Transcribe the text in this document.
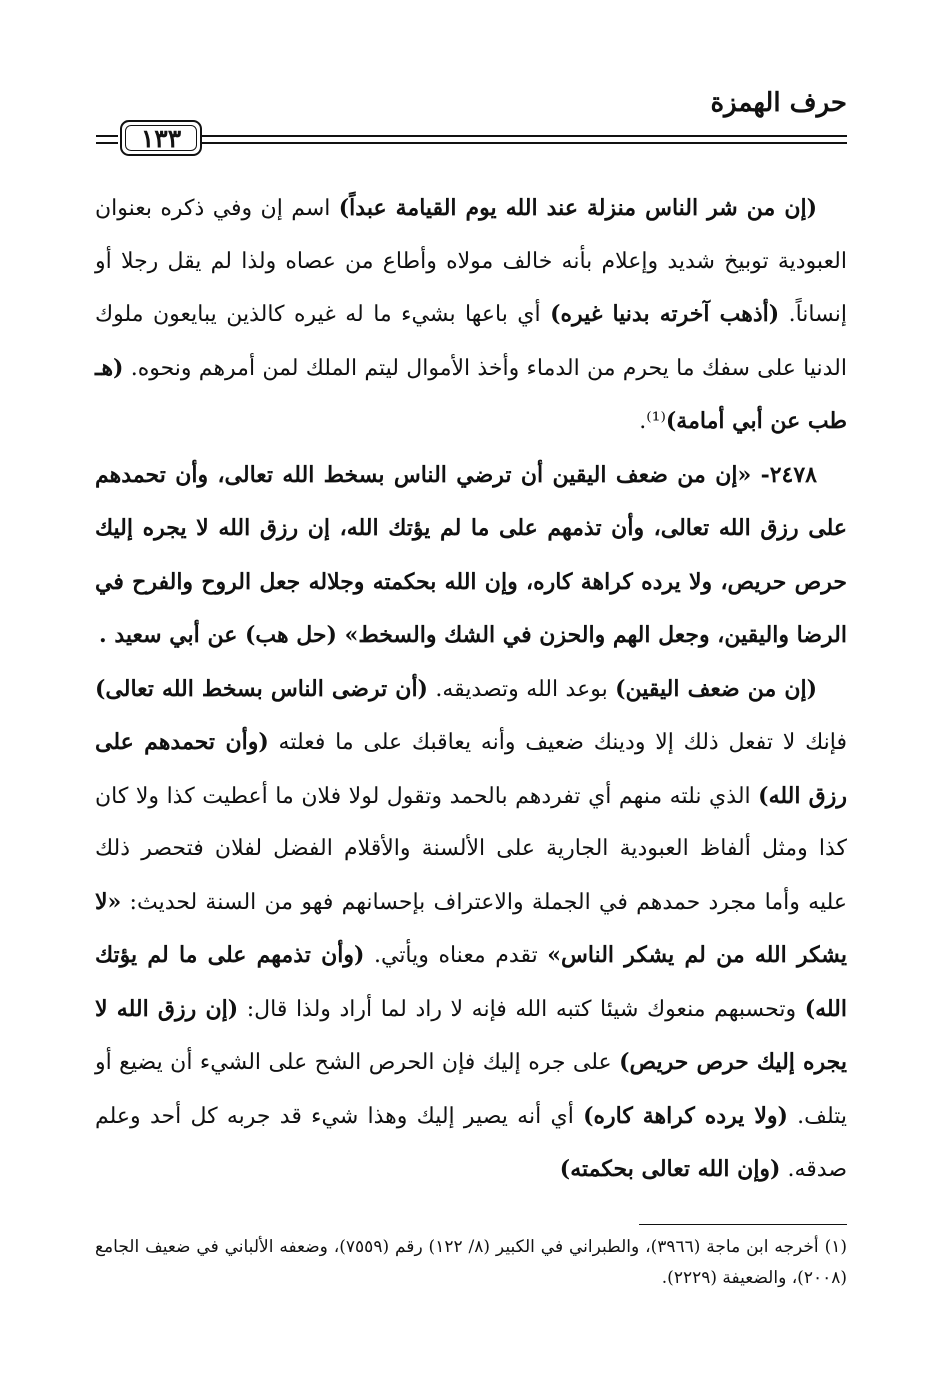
حرف الهمزة
١٣٣

(إن من شر الناس منزلة عند الله يوم القيامة عبداً) اسم إن وفي ذكره بعنوان العبودية توبيخ شديد وإعلام بأنه خالف مولاه وأطاع من عصاه ولذا لم يقل رجلا أو إنساناً. (أذهب آخرته بدنيا غيره) أي باعها بشيء ما له غيره كالذين يبايعون ملوك الدنيا على سفك ما يحرم من الدماء وأخذ الأموال ليتم الملك لمن أمرهم ونحوه. (هـ طب عن أبي أمامة)⁽¹⁾.

٢٤٧٨- «إن من ضعف اليقين أن ترضي الناس بسخط الله تعالى، وأن تحمدهم على رزق الله تعالى، وأن تذمهم على ما لم يؤتك الله، إن رزق الله لا يجره إليك حرص حريص، ولا يرده كراهة كاره، وإن الله بحكمته وجلاله جعل الروح والفرح في الرضا واليقين، وجعل الهم والحزن في الشك والسخط» (حل هب) عن أبي سعيد .

(إن من ضعف اليقين) بوعد الله وتصديقه. (أن ترضى الناس بسخط الله تعالى) فإنك لا تفعل ذلك إلا ودينك ضعيف وأنه يعاقبك على ما فعلته (وأن تحمدهم على رزق الله) الذي نلته منهم أي تفردهم بالحمد وتقول لولا فلان ما أعطيت كذا ولا كان كذا ومثل ألفاظ العبودية الجارية على الألسنة والأقلام الفضل لفلان فتحصر ذلك عليه وأما مجرد حمدهم في الجملة والاعتراف بإحسانهم فهو من السنة لحديث: «لا يشكر الله من لم يشكر الناس» تقدم معناه ويأتي. (وأن تذمهم على ما لم يؤتك الله) وتحسبهم منعوك شيئا كتبه الله فإنه لا راد لما أراد ولذا قال: (إن رزق الله لا يجره إليك حرص حريص) على جره إليك فإن الحرص الشح على الشيء أن يضيع أو يتلف. (ولا يرده كراهة كاره) أي أنه يصير إليك وهذا شيء قد جربه كل أحد وعلم صدقه. (وإن الله تعالى بحكمته)

(١) أخرجه ابن ماجة (٣٩٦٦)، والطبراني في الكبير (٨/ ١٢٢) رقم (٧٥٥٩)، وضعفه الألباني في ضعيف الجامع (٢٠٠٨)، والضعيفة (٢٢٢٩).
